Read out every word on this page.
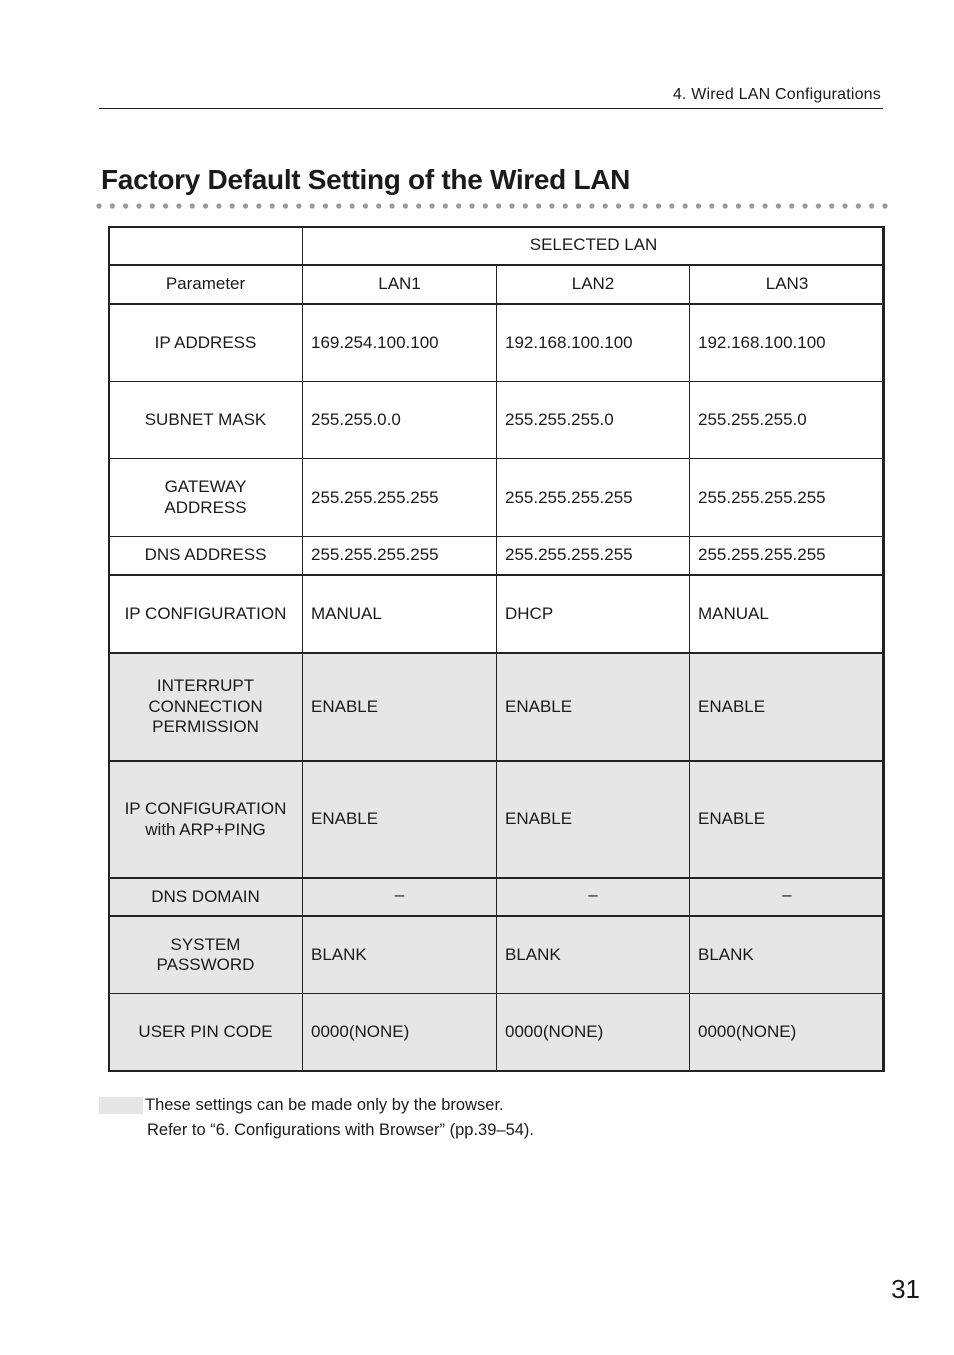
4. Wired LAN Configurations
Factory Default Setting of the Wired LAN
	SELECTED LAN		
Parameter	LAN1	LAN2	LAN3

IP ADDRESS	169.254.100.100	192.168.100.100	192.168.100.100

SUBNET MASK	255.255.0.0	255.255.255.0	255.255.255.0

GATEWAY
ADDRESS	255.255.255.255	255.255.255.255	255.255.255.255

DNS ADDRESS	255.255.255.255	255.255.255.255	255.255.255.255

IP CONFIGURATION	MANUAL	DHCP	MANUAL

INTERRUPT
CONNECTION
PERMISSION	ENABLE	ENABLE	ENABLE

IP CONFIGURATION
with ARP+PING	ENABLE	ENABLE	ENABLE

DNS DOMAIN	–	–	–

SYSTEM
PASSWORD	BLANK	BLANK	BLANK

USER PIN CODE	0000(NONE)	0000(NONE)	0000(NONE)
These settings can be made only by the browser.
Refer to “6. Configurations with Browser” (pp.39–54).
31
